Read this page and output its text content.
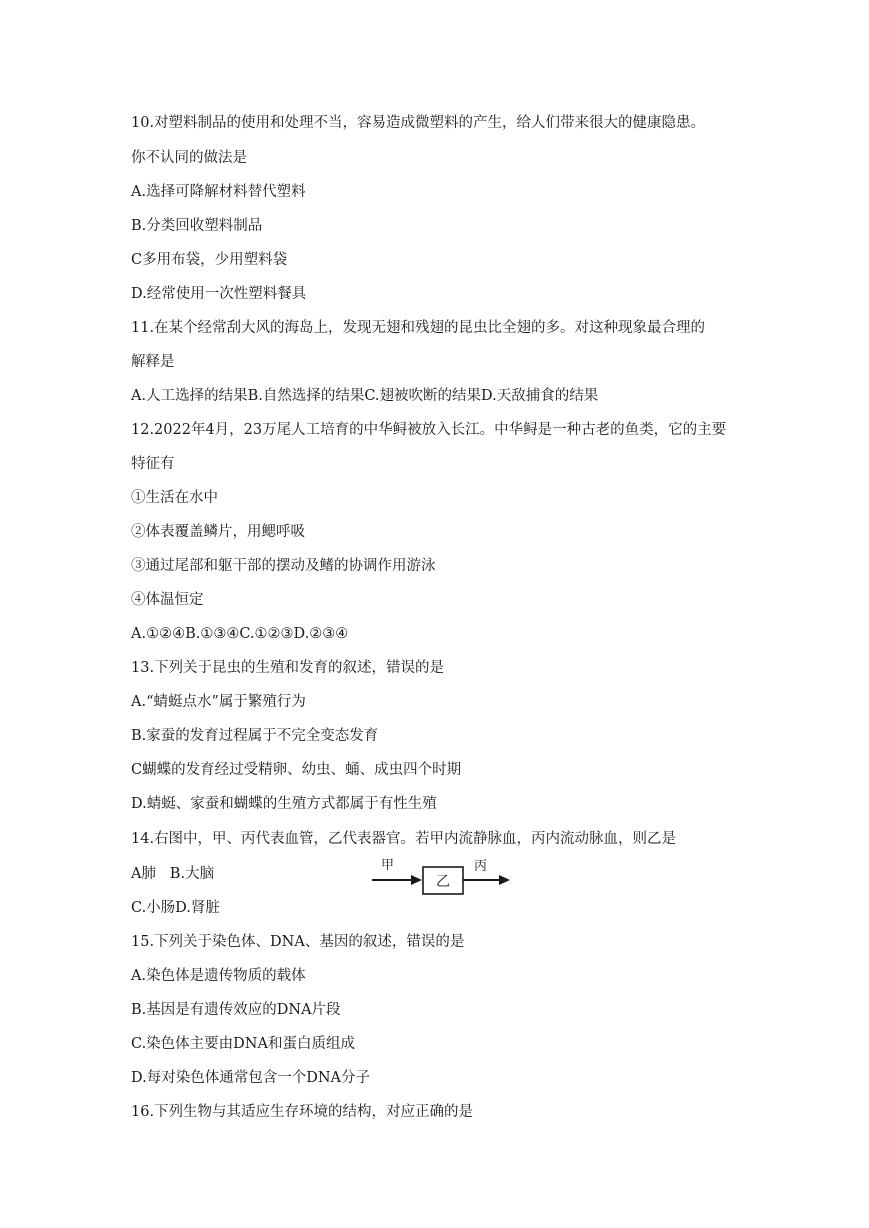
10.对塑料制品的使用和处理不当，容易造成微塑料的产生，给人们带来很大的健康隐患。
你不认同的做法是
A.选择可降解材料替代塑料
B.分类回收塑料制品
C多用布袋，少用塑料袋
D.经常使用一次性塑料餐具
11.在某个经常刮大风的海岛上，发现无翅和残翅的昆虫比全翅的多。对这种现象最合理的
解释是
A.人工选择的结果B.自然选择的结果C.翅被吹断的结果D.天敌捕食的结果
12.2022年4月，23万尾人工培育的中华鲟被放入长江。中华鲟是一种古老的鱼类，它的主要
特征有
①生活在水中
②体表覆盖鳞片，用鳃呼吸
③通过尾部和躯干部的摆动及鳍的协调作用游泳
④体温恒定
A.①②④B.①③④C.①②③D.②③④
13.下列关于昆虫的生殖和发育的叙述，错误的是
A.“蜻蜓点水”属于繁殖行为
B.家蚕的发育过程属于不完全变态发育
C蝴蝶的发育经过受精卵、幼虫、蛹、成虫四个时期
D.蜻蜓、家蚕和蝴蝶的生殖方式都属于有性生殖
14.右图中，甲、丙代表血管，乙代表器官。若甲内流静脉血，丙内流动脉血，则乙是
A肺   B.大脑
C.小肠D.肾脏
15.下列关于染色体、DNA、基因的叙述，错误的是
A.染色体是遗传物质的载体
B.基因是有遗传效应的DNA片段
C.染色体主要由DNA和蛋白质组成
D.每对染色体通常包含一个DNA分子
16.下列生物与其适应生存环境的结构，对应正确的是
甲
乙
丙
